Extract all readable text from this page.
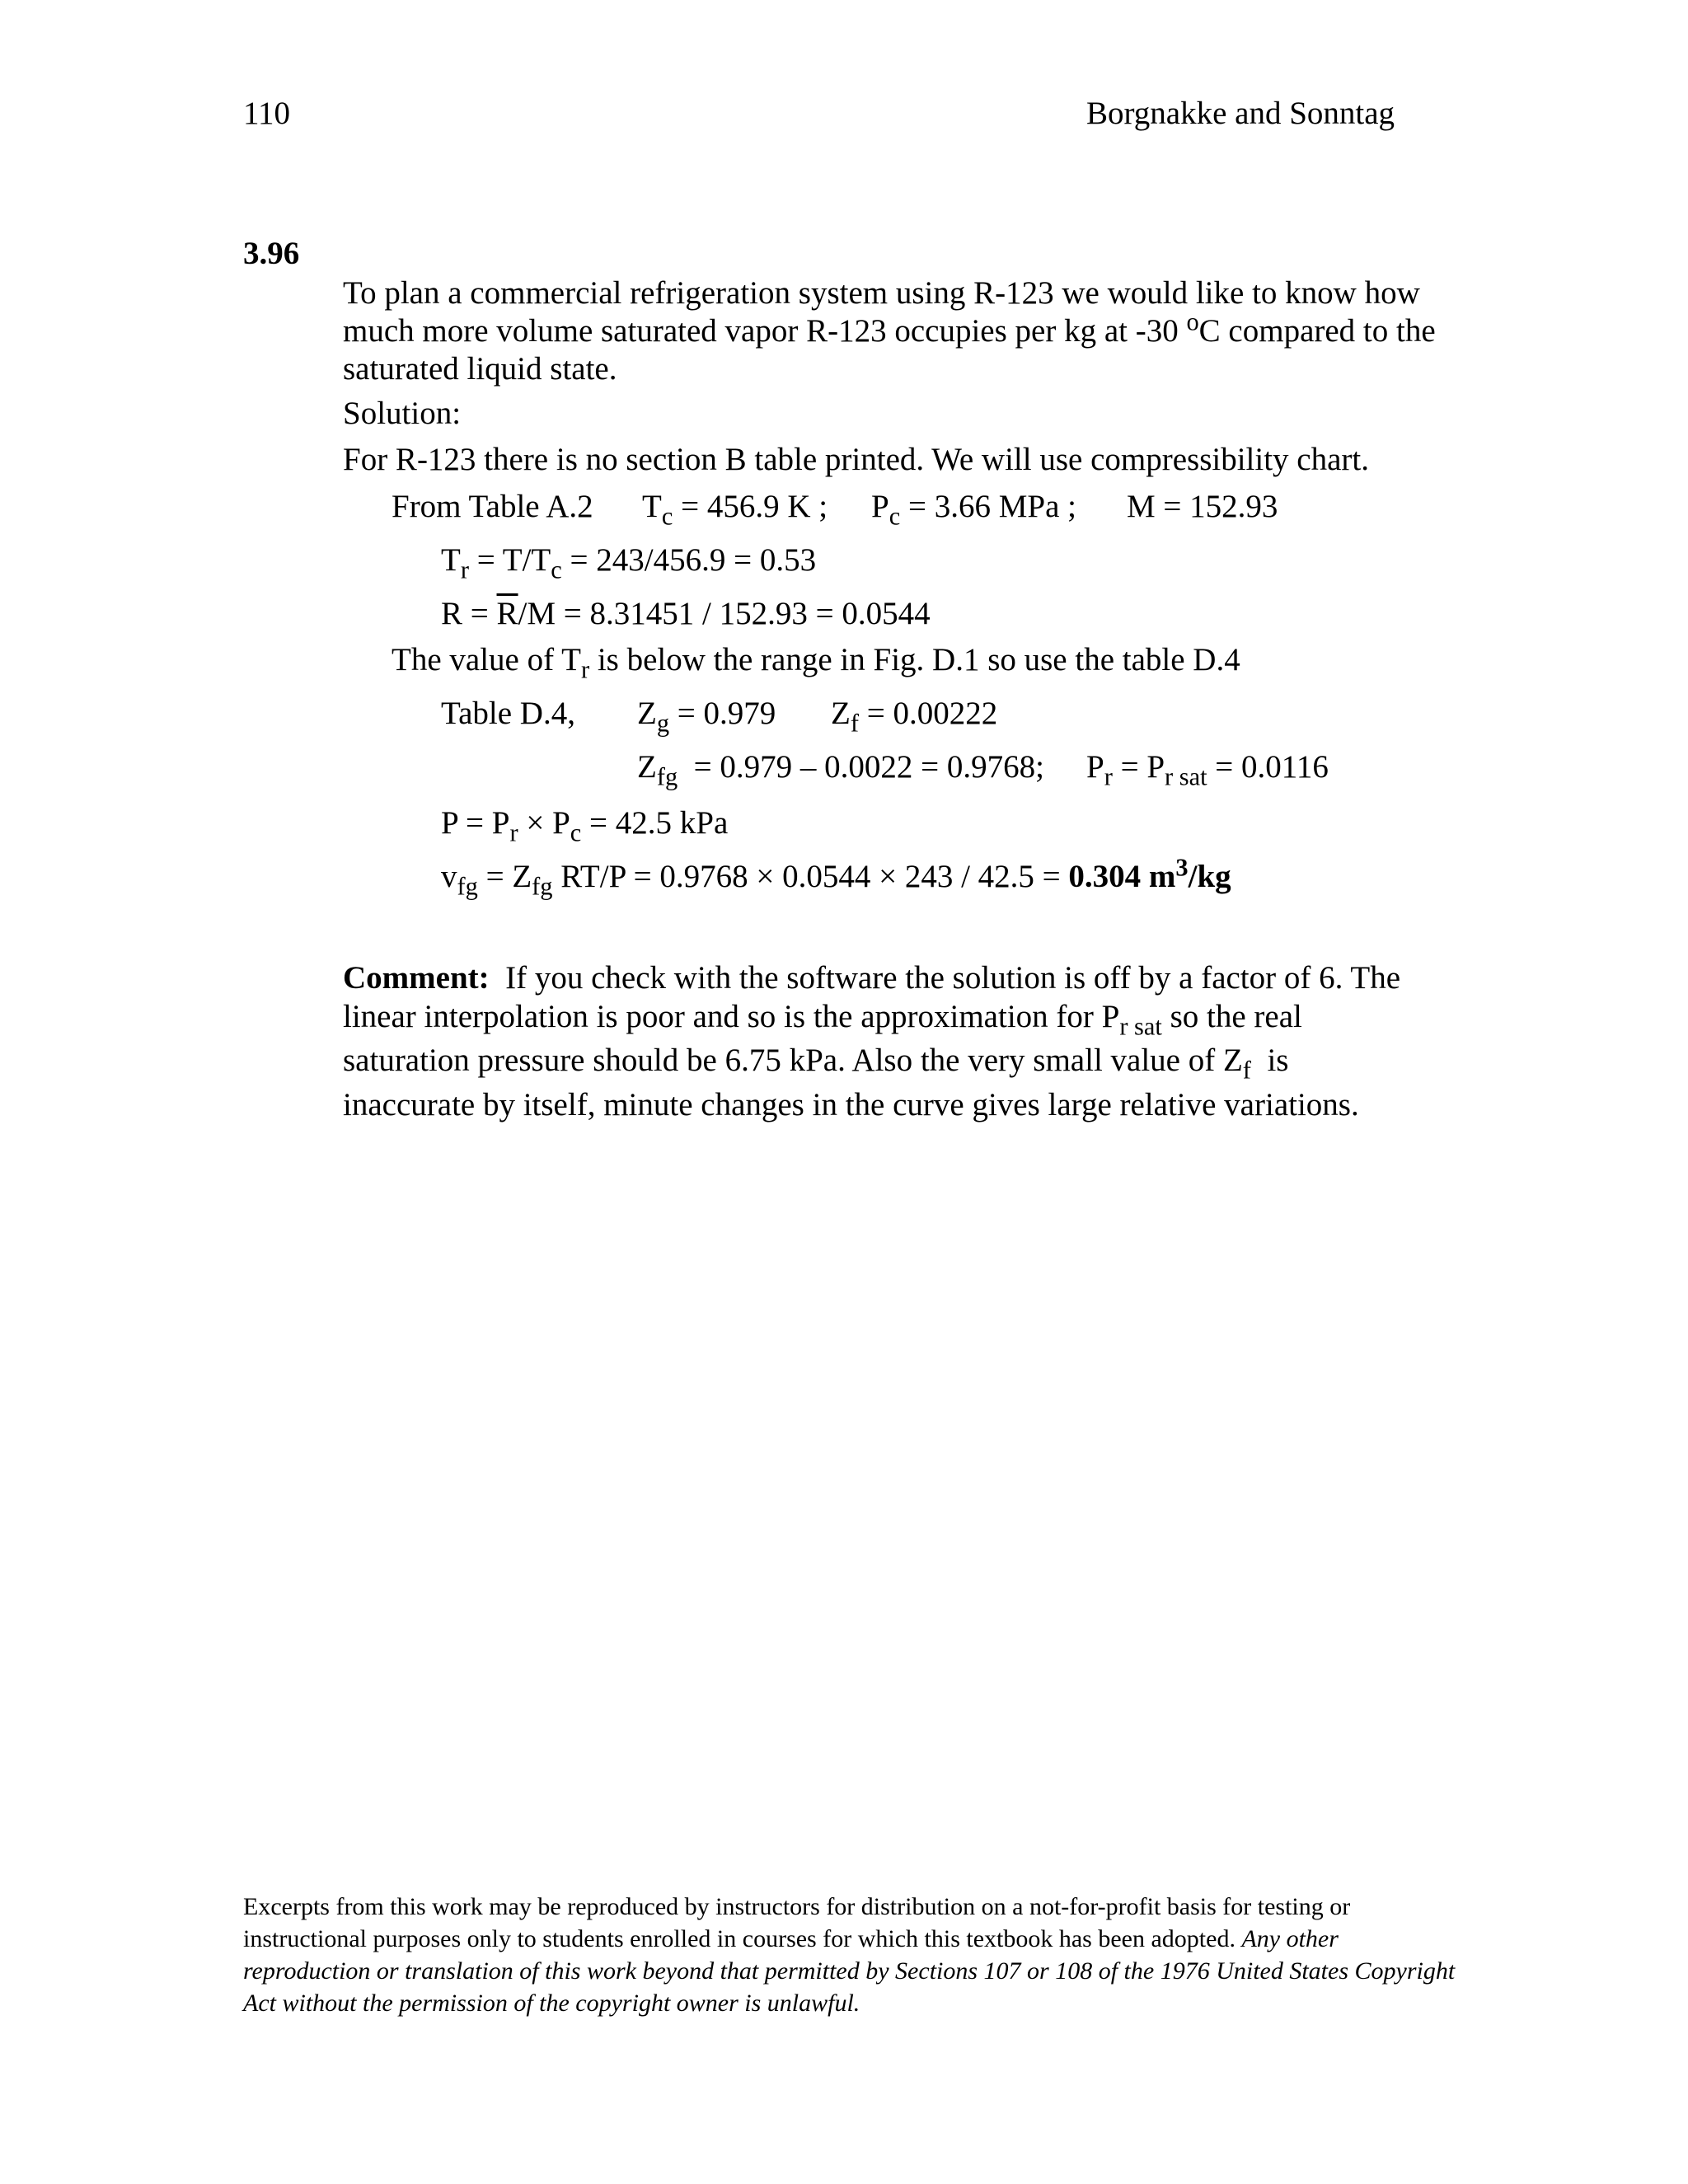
110	Borgnakke and Sonntag
3.96
To plan a commercial refrigeration system using R-123 we would like to know how
much more volume saturated vapor R-123 occupies per kg at -30 $^o$C compared to the
saturated liquid state.
Solution:
For R-123 there is no section B table printed. We will use compressibility chart.
From Table A.2 $T_c = 456.9$ K ; $P_c = 3.66$ MPa ; M = 152.93
$T_r = T/T_c = 243/456.9 = 0.53$
$R = \overline{R}/M = 8.31451 / 152.93 = 0.0544$
The value of $T_r$ is below the range in Fig. D.1 so use the table D.4
Table D.4, $Z_g = 0.979$ $Z_f = 0.00222$
$Z_{fg} = 0.979 - 0.0022 = 0.9768$; $P_r = P_{r sat} = 0.0116$
$P = P_r \times P_c = 42.5$ kPa
$v_{fg} = Z_{fg}$ RT/P = 0.9768 × 0.0544 × 243 / 42.5 = 0.304 $m^3/kg$
Comment:  If you check with the software the solution is off by a factor of 6. The
linear interpolation is poor and so is the approximation for $P_{r sat}$ so the real
saturation pressure should be 6.75 kPa. Also the very small value of $Z_f$  is
inaccurate by itself, minute changes in the curve gives large relative variations.
Excerpts from this work may be reproduced by instructors for distribution on a not-for-profit basis for testing or instructional purposes only to students enrolled in courses for which this textbook has been adopted. Any other reproduction or translation of this work beyond that permitted by Sections 107 or 108 of the 1976 United States Copyright Act without the permission of the copyright owner is unlawful.
